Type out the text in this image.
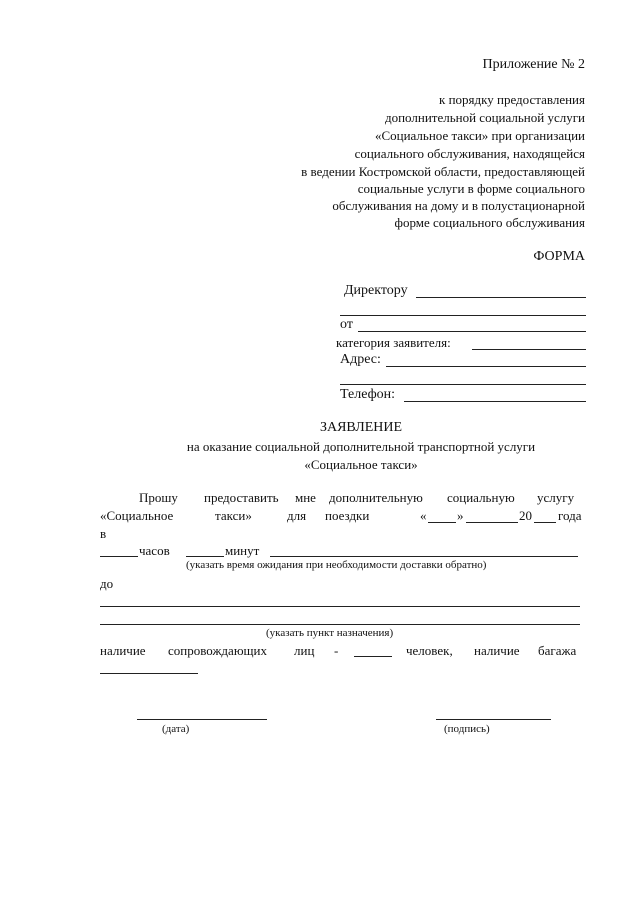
Приложение № 2
к порядку предоставления
дополнительной социальной услуги
«Социальное такси» при организации
социального обслуживания, находящейся
в ведении Костромской области, предоставляющей
социальные услуги в форме социального
обслуживания на дому и в полустационарной
форме социального обслуживания
ФОРМА
Директору
от
категория заявителя:
Адрес:
Телефон:
ЗАЯВЛЕНИЕ
на оказание социальной дополнительной транспортной услуги
«Социальное такси»
Прошу предоставить мне дополнительную социальную услугу
«Социальное	такси»	для поездки	« »	20 года
в
часов	минут
(указать время ожидания при необходимости доставки обратно)
до
(указать пункт назначения)
наличие сопровождающих лиц -	человек, наличие багажа
(дата)	(подпись)
